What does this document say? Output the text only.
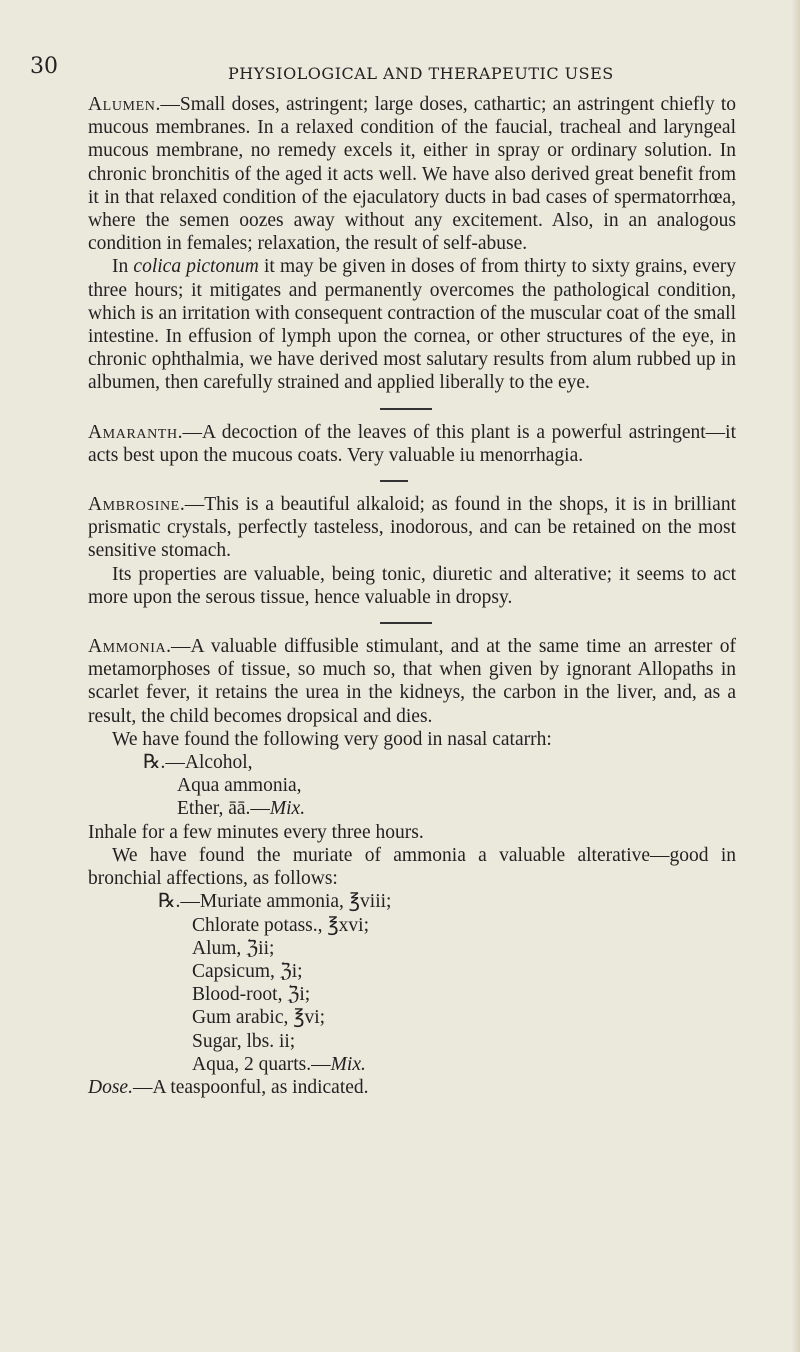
30	PHYSIOLOGICAL AND THERAPEUTIC USES

Alumen.—Small doses, astringent; large doses, cathartic; an astringent chiefly to mucous membranes. In a relaxed condition of the faucial, tracheal and laryngeal mucous membrane, no remedy excels it, either in spray or ordinary solution. In chronic bronchitis of the aged it acts well. We have also derived great benefit from it in that relaxed condition of the ejaculatory ducts in bad cases of spermatorrhœa, where the semen oozes away without any excitement. Also, in an analogous condition in females; relaxation, the result of self-abuse.

In colica pictonum it may be given in doses of from thirty to sixty grains, every three hours; it mitigates and permanently overcomes the pathological condition, which is an irritation with consequent contraction of the muscular coat of the small intestine. In effusion of lymph upon the cornea, or other structures of the eye, in chronic ophthalmia, we have derived most salutary results from alum rubbed up in albumen, then carefully strained and applied liberally to the eye.

Amaranth.—A decoction of the leaves of this plant is a powerful astringent—it acts best upon the mucous coats. Very valuable iu menorrhagia.

Ambrosine.—This is a beautiful alkaloid; as found in the shops, it is in brilliant prismatic crystals, perfectly tasteless, inodorous, and can be retained on the most sensitive stomach.

Its properties are valuable, being tonic, diuretic and alterative; it seems to act more upon the serous tissue, hence valuable in dropsy.

Ammonia.—A valuable diffusible stimulant, and at the same time an arrester of metamorphoses of tissue, so much so, that when given by ignorant Allopaths in scarlet fever, it retains the urea in the kidneys, the carbon in the liver, and, as a result, the child becomes dropsical and dies.

We have found the following very good in nasal catarrh:

℞.—Alcohol,
Aqua ammonia,
Ether, āā.—Mix.

Inhale for a few minutes every three hours.

We have found the muriate of ammonia a valuable alterative—good in bronchial affections, as follows:

℞.—Muriate ammonia, ℥viii;
Chlorate potass., ℥xvi;
Alum, ℨii;
Capsicum, ℨi;
Blood-root, ℨi;
Gum arabic, ℥vi;
Sugar, lbs. ii;
Aqua, 2 quarts.—Mix.

Dose.—A teaspoonful, as indicated.
